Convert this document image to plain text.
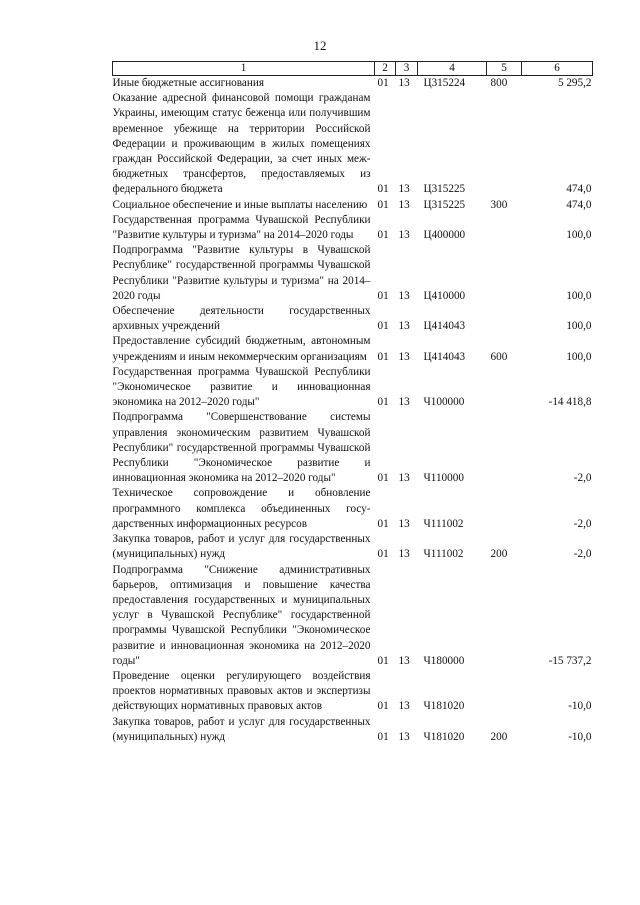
12
1	2	3	4	5	6
Иные бюджетные ассигнования	01	13	Ц315224	800	5 295,2
Оказание адресной финансовой помощи гражданам Украины, имеющим статус беженца или получившим временное убежище на территории Российской Федерации и проживающим в жилых помещениях граждан Российской Федерации, за счет иных межбюджетных трансфертов, предоставляемых из федерального бюджета	01	13	Ц315225		474,0
Социальное обеспечение и иные выплаты населению	01	13	Ц315225	300	474,0
Государственная программа Чувашской Республики "Развитие культуры и туризма" на 2014–2020 годы	01	13	Ц400000		100,0
Подпрограмма "Развитие культуры в Чувашской Республике" государственной программы Чувашской Республики "Развитие культуры и туризма" на 2014–2020 годы	01	13	Ц410000		100,0
Обеспечение деятельности государственных архивных учреждений	01	13	Ц414043		100,0
Предоставление субсидий бюджетным, автономным учреждениям и иным некоммерческим организациям	01	13	Ц414043	600	100,0
Государственная программа Чувашской Республики "Экономическое развитие и инновационная экономика на 2012–2020 годы"	01	13	Ч100000		-14 418,8
Подпрограмма "Совершенствование системы управления экономическим развитием Чувашской Республики" государственной программы Чувашской Республики "Экономическое развитие и инновационная экономика на 2012–2020 годы"	01	13	Ч110000		-2,0
Техническое сопровождение и обновление программного комплекса объединенных государственных информационных ресурсов	01	13	Ч111002		-2,0
Закупка товаров, работ и услуг для государственных (муниципальных) нужд	01	13	Ч111002	200	-2,0
Подпрограмма "Снижение административных барьеров, оптимизация и повышение качества предоставления государственных и муниципальных услуг в Чувашской Республике" государственной программы Чувашской Республики "Экономическое развитие и инновационная экономика на 2012–2020 годы"	01	13	Ч180000		-15 737,2
Проведение оценки регулирующего воздействия проектов нормативных правовых актов и экспертизы действующих нормативных правовых актов	01	13	Ч181020		-10,0
Закупка товаров, работ и услуг для государственных (муниципальных) нужд	01	13	Ч181020	200	-10,0
